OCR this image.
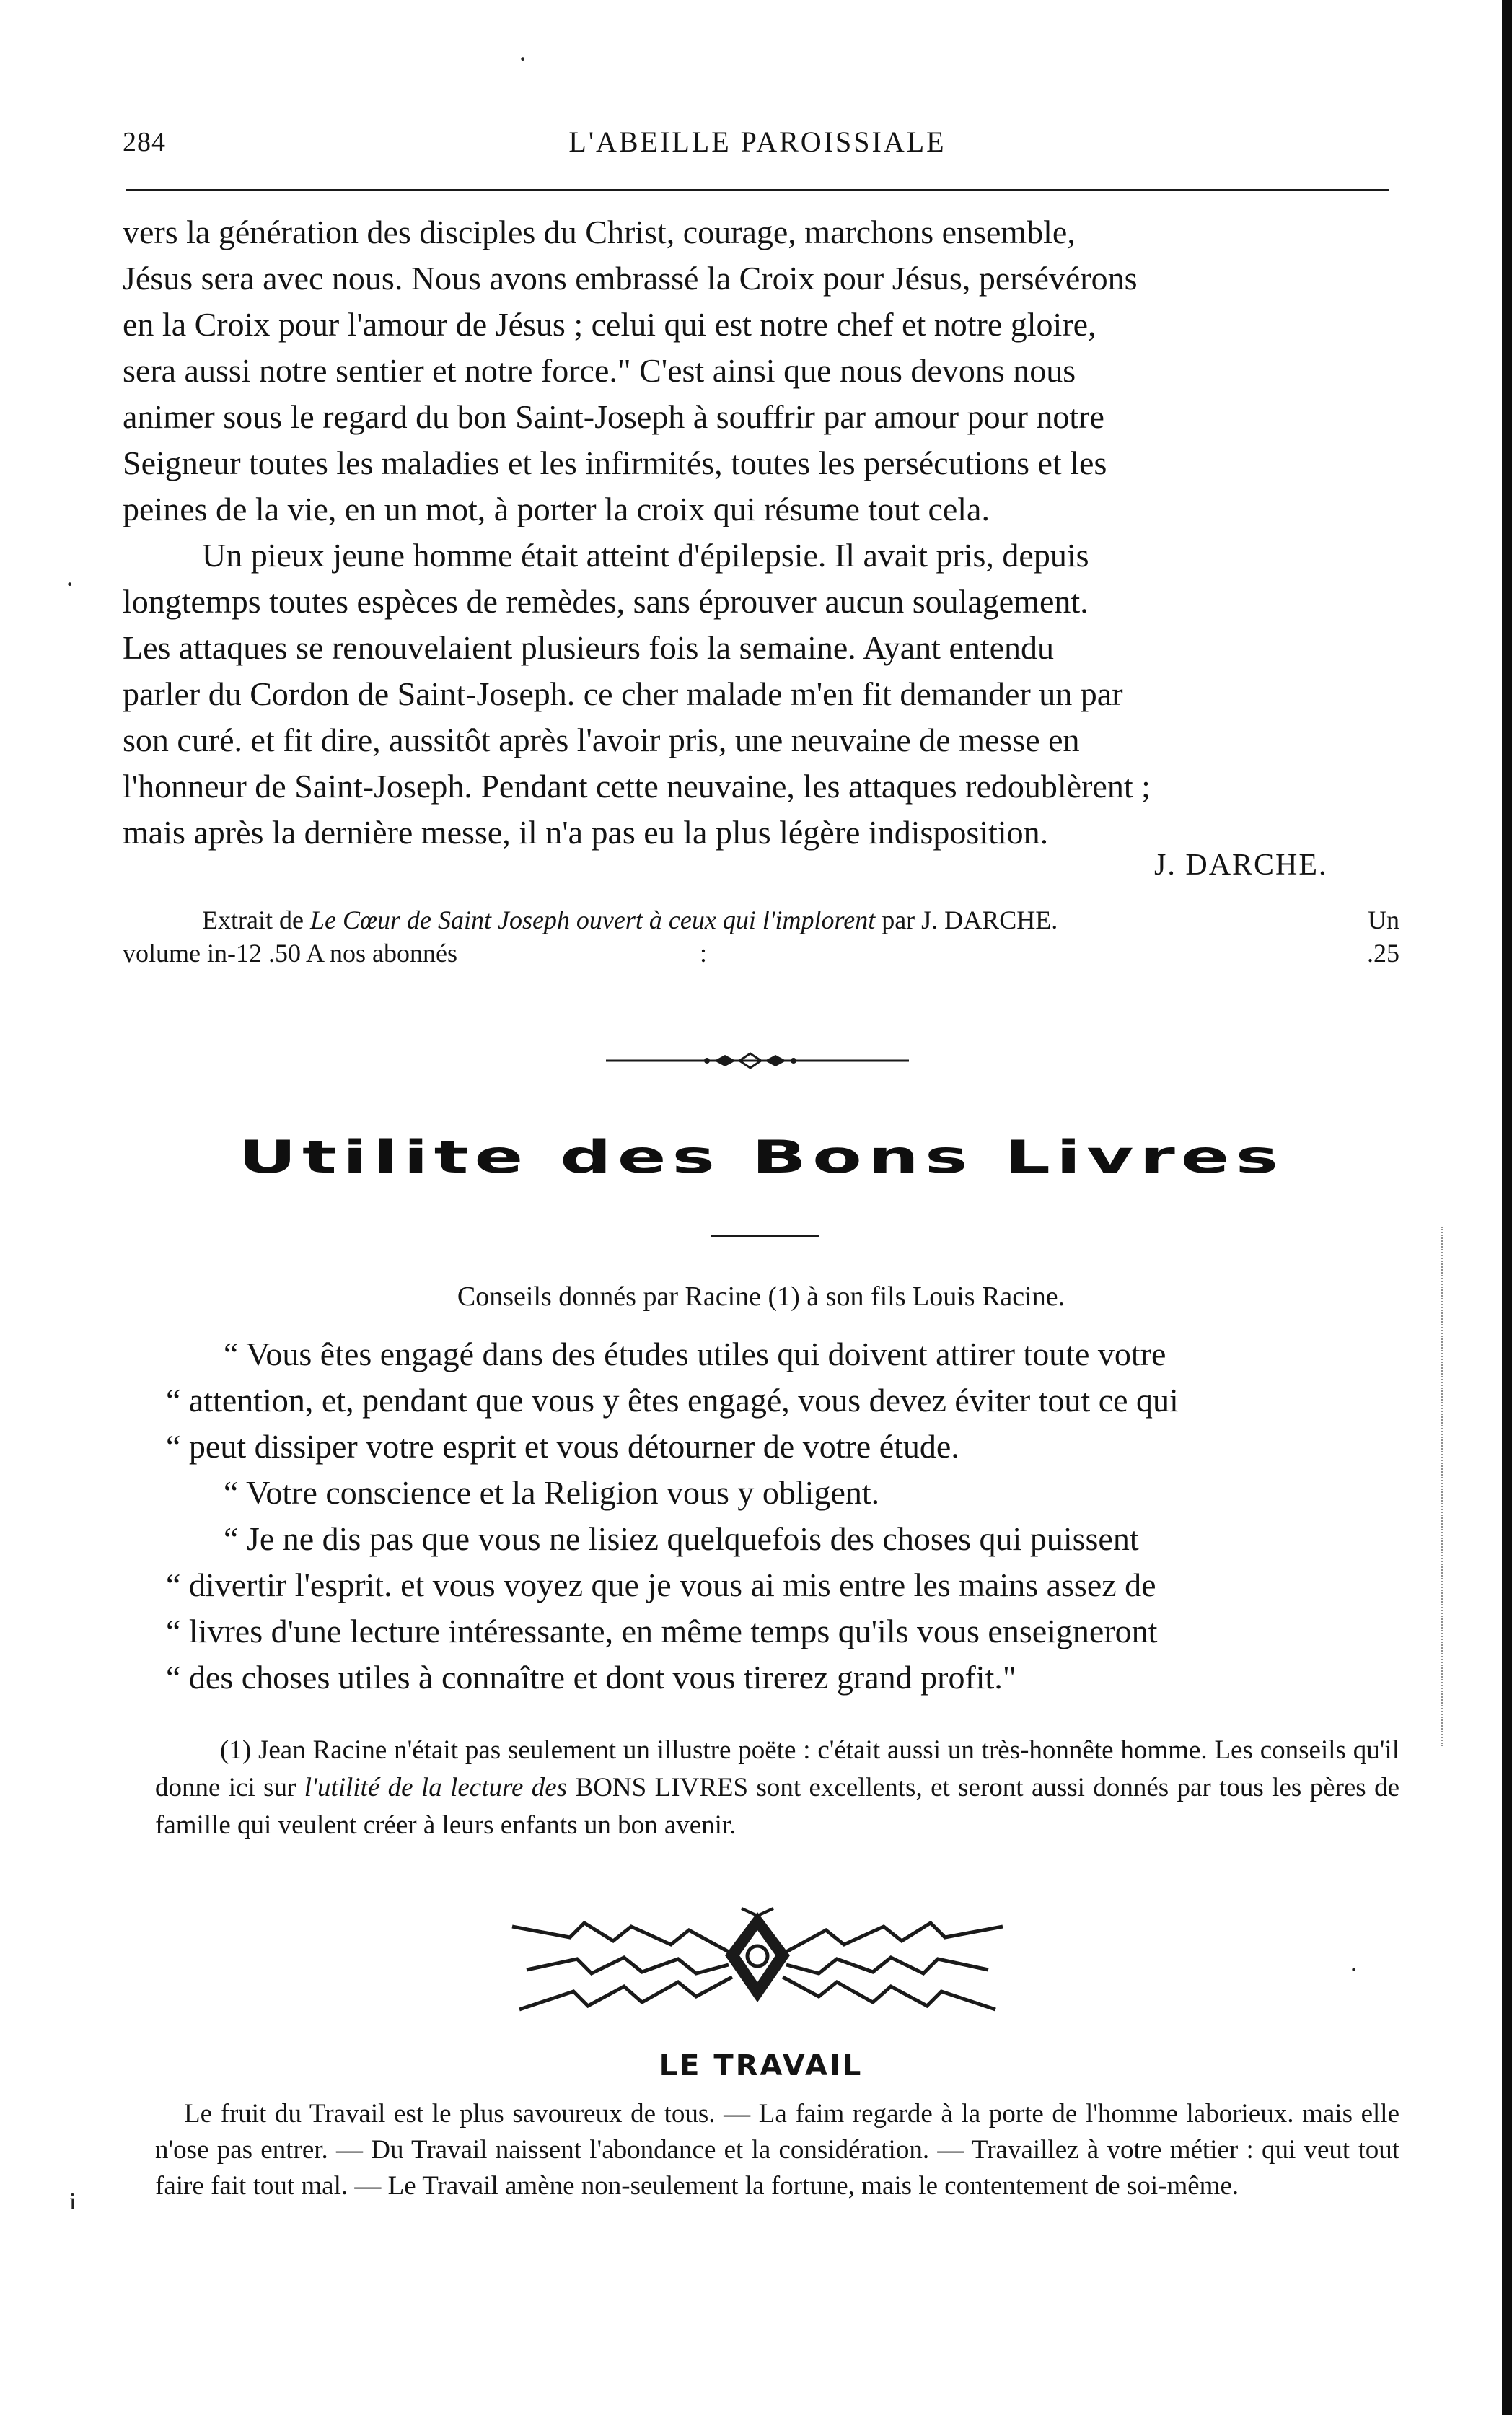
·
·
·
i
284	L'ABEILLE PAROISSIALE

vers la génération des disciples du Christ, courage, marchons ensemble,

Jésus sera avec nous. Nous avons embrassé la Croix pour Jésus, persévérons

en la Croix pour l'amour de Jésus ; celui qui est notre chef et notre gloire,

sera aussi notre sentier et notre force." C'est ainsi que nous devons nous

animer sous le regard du bon Saint-Joseph à souffrir par amour pour notre

Seigneur toutes les maladies et les infirmités, toutes les persécutions et les

peines de la vie, en un mot, à porter la croix qui résume tout cela.

Un pieux jeune homme était atteint d'épilepsie. Il avait pris, depuis

longtemps toutes espèces de remèdes, sans éprouver aucun soulagement.

Les attaques se renouvelaient plusieurs fois la semaine. Ayant entendu

parler du Cordon de Saint-Joseph. ce cher malade m'en fit demander un par

son curé. et fit dire, aussitôt après l'avoir pris, une neuvaine de messe en

l'honneur de Saint-Joseph. Pendant cette neuvaine, les attaques redoublèrent ;

mais après la dernière messe, il n'a pas eu la plus légère indisposition.

J. DARCHE.
Extrait de Le Cœur de Saint Joseph ouvert à ceux qui l'implorent par J. DARCHE.	Un
volume in-12 .50 A nos abonnés	:	.25
Utilite des Bons Livres
Conseils donnés par Racine (1) à son fils Louis Racine.

“ Vous êtes engagé dans des études utiles qui doivent attirer toute votre

“ attention, et, pendant que vous y êtes engagé, vous devez éviter tout ce qui

“ peut dissiper votre esprit et vous détourner de votre étude.

“ Votre conscience et la Religion vous y obligent.

“ Je ne dis pas que vous ne lisiez quelquefois des choses qui puissent

“ divertir l'esprit. et vous voyez que je vous ai mis entre les mains assez de

“ livres d'une lecture intéressante, en même temps qu'ils vous enseigneront

“ des choses utiles à connaître et dont vous tirerez grand profit."

(1) Jean Racine n'était pas seulement un illustre poëte : c'était aussi un très-honnête homme. Les conseils qu'il donne ici sur l'utilité de la lecture des BONS LIVRES sont excellents, et seront aussi donnés par tous les pères de famille qui veulent créer à leurs enfants un bon avenir.

LE TRAVAIL

Le fruit du Travail est le plus savoureux de tous. — La faim regarde à la porte de l'homme laborieux. mais elle n'ose pas entrer. — Du Travail naissent l'abondance et la considération. — Travaillez à votre métier : qui veut tout faire fait tout mal. — Le Travail amène non-seulement la fortune, mais le contentement de soi-même.
